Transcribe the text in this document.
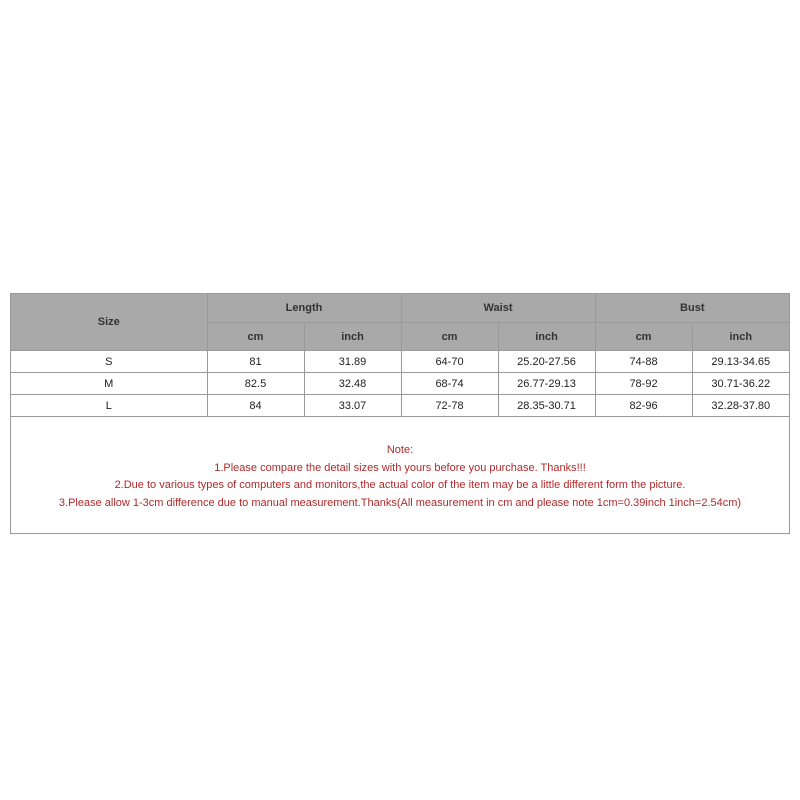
Size	Length		Waist		Bust	
	cm	inch	cm	inch	cm	inch
S	81	31.89	64-70	25.20-27.56	74-88	29.13-34.65
M	82.5	32.48	68-74	26.77-29.13	78-92	30.71-36.22
L	84	33.07	72-78	28.35-30.71	82-96	32.28-37.80
Note:
1.Please compare the detail sizes with yours before you purchase. Thanks!!!
2.Due to various types of computers and monitors,the actual color of the item may be a little different form the picture.
3.Please allow 1-3cm difference due to manual measurement.Thanks(All measurement in cm and please note 1cm=0.39inch 1inch=2.54cm)
